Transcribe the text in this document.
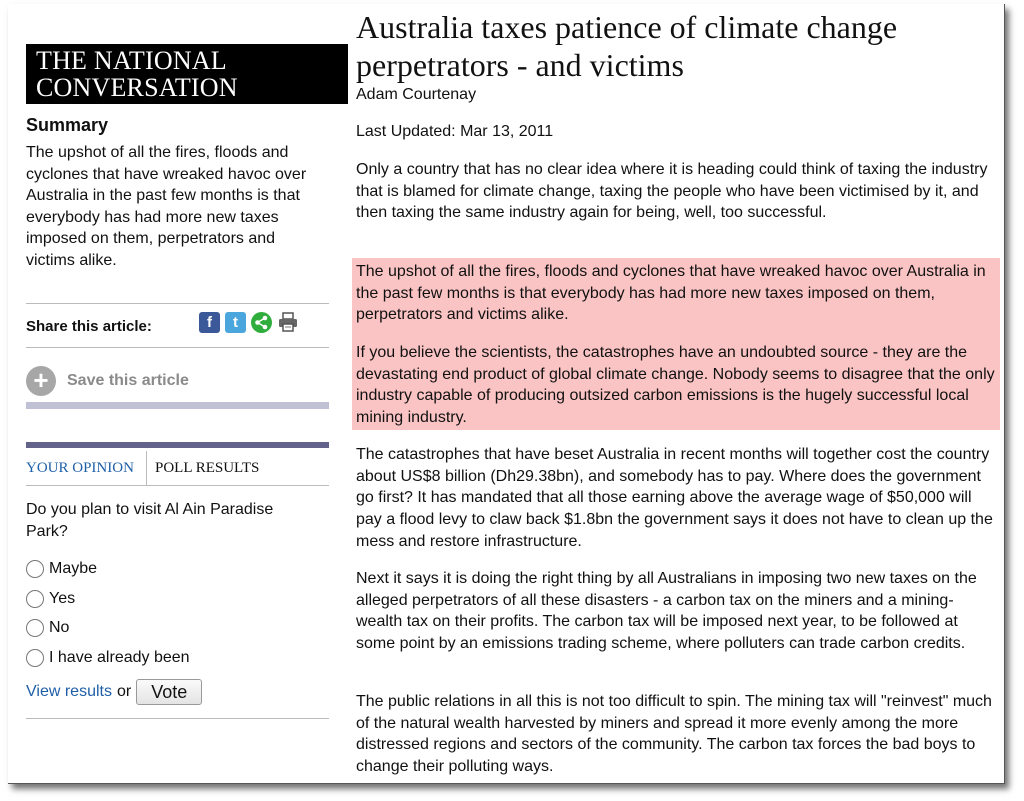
THE NATIONAL
CONVERSATION
Summary
The upshot of all the fires, floods and cyclones that have wreaked havoc over Australia in the past few months is that everybody has had more new taxes imposed on them, perpetrators and victims alike.
Share this article:	f	t
+	Save this article
YOUR OPINION	POLL RESULTS
Do you plan to visit Al Ain Paradise Park?
Maybe
Yes
No
I have already been
View results or	Vote
Australia taxes patience of climate change perpetrators - and victims
Adam Courtenay
Last Updated: Mar 13, 2011
Only a country that has no clear idea where it is heading could think of taxing the industry that is blamed for climate change, taxing the people who have been victimised by it, and then taxing the same industry again for being, well, too successful.
The upshot of all the fires, floods and cyclones that have wreaked havoc over Australia in the past few months is that everybody has had more new taxes imposed on them, perpetrators and victims alike.
If you believe the scientists, the catastrophes have an undoubted source - they are the devastating end product of global climate change. Nobody seems to disagree that the only industry capable of producing outsized carbon emissions is the hugely successful local mining industry.
The catastrophes that have beset Australia in recent months will together cost the country about US$8 billion (Dh29.38bn), and somebody has to pay. Where does the government go first? It has mandated that all those earning above the average wage of $50,000 will pay a flood levy to claw back $1.8bn the government says it does not have to clean up the mess and restore infrastructure.
Next it says it is doing the right thing by all Australians in imposing two new taxes on the alleged perpetrators of all these disasters - a carbon tax on the miners and a mining-wealth tax on their profits. The carbon tax will be imposed next year, to be followed at some point by an emissions trading scheme, where polluters can trade carbon credits.
The public relations in all this is not too difficult to spin. The mining tax will "reinvest" much of the natural wealth harvested by miners and spread it more evenly among the more distressed regions and sectors of the community. The carbon tax forces the bad boys to change their polluting ways.
